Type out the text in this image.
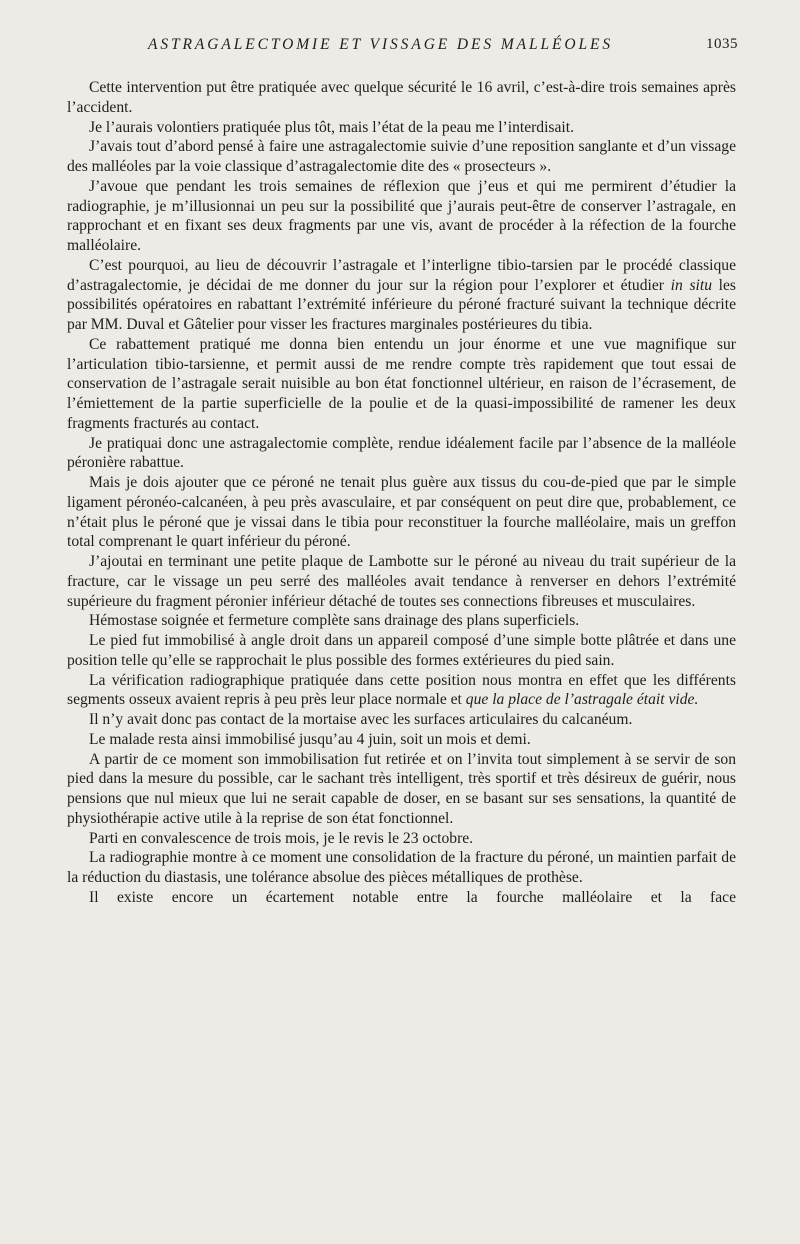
ASTRAGALECTOMIE ET VISSAGE DES MALLÉOLES	1035

Cette intervention put être pratiquée avec quelque sécurité le 16 avril, c’est-à-dire trois semaines après l’accident.

Je l’aurais volontiers pratiquée plus tôt, mais l’état de la peau me l’interdisait.

J’avais tout d’abord pensé à faire une astragalectomie suivie d’une reposition sanglante et d’un vissage des malléoles par la voie classique d’astragalectomie dite des « prosecteurs ».

J’avoue que pendant les trois semaines de réflexion que j’eus et qui me permirent d’étudier la radiographie, je m’illusionnai un peu sur la possibilité que j’aurais peut-être de conserver l’astragale, en rapprochant et en fixant ses deux fragments par une vis, avant de procéder à la réfection de la fourche malléolaire.

C’est pourquoi, au lieu de découvrir l’astragale et l’interligne tibio-tarsien par le procédé classique d’astragalectomie, je décidai de me donner du jour sur la région pour l’explorer et étudier in situ les possibilités opératoires en rabattant l’extrémité inférieure du péroné fracturé suivant la technique décrite par MM. Duval et Gâtelier pour visser les fractures marginales postérieures du tibia.

Ce rabattement pratiqué me donna bien entendu un jour énorme et une vue magnifique sur l’articulation tibio-tarsienne, et permit aussi de me rendre compte très rapidement que tout essai de conservation de l’astragale serait nuisible au bon état fonctionnel ultérieur, en raison de l’écrasement, de l’émiettement de la partie superficielle de la poulie et de la quasi-impossibilité de ramener les deux fragments fracturés au contact.

Je pratiquai donc une astragalectomie complète, rendue idéalement facile par l’absence de la malléole péronière rabattue.

Mais je dois ajouter que ce péroné ne tenait plus guère aux tissus du cou-de-pied que par le simple ligament péronéo-calcanéen, à peu près avasculaire, et par conséquent on peut dire que, probablement, ce n’était plus le péroné que je vissai dans le tibia pour reconstituer la fourche malléolaire, mais un greffon total comprenant le quart inférieur du péroné.

J’ajoutai en terminant une petite plaque de Lambotte sur le péroné au niveau du trait supérieur de la fracture, car le vissage un peu serré des malléoles avait tendance à renverser en dehors l’extrémité supérieure du fragment péronier inférieur détaché de toutes ses connections fibreuses et musculaires.

Hémostase soignée et fermeture complète sans drainage des plans superficiels.

Le pied fut immobilisé à angle droit dans un appareil composé d’une simple botte plâtrée et dans une position telle qu’elle se rapprochait le plus possible des formes extérieures du pied sain.

La vérification radiographique pratiquée dans cette position nous montra en effet que les différents segments osseux avaient repris à peu près leur place normale et que la place de l’astragale était vide.

Il n’y avait donc pas contact de la mortaise avec les surfaces articulaires du calcanéum.

Le malade resta ainsi immobilisé jusqu’au 4 juin, soit un mois et demi.

A partir de ce moment son immobilisation fut retirée et on l’invita tout simplement à se servir de son pied dans la mesure du possible, car le sachant très intelligent, très sportif et très désireux de guérir, nous pensions que nul mieux que lui ne serait capable de doser, en se basant sur ses sensations, la quantité de physiothérapie active utile à la reprise de son état fonctionnel.

Parti en convalescence de trois mois, je le revis le 23 octobre.

La radiographie montre à ce moment une consolidation de la fracture du péroné, un maintien parfait de la réduction du diastasis, une tolérance absolue des pièces métalliques de prothèse.

Il existe encore un écartement notable entre la fourche malléolaire et la face
